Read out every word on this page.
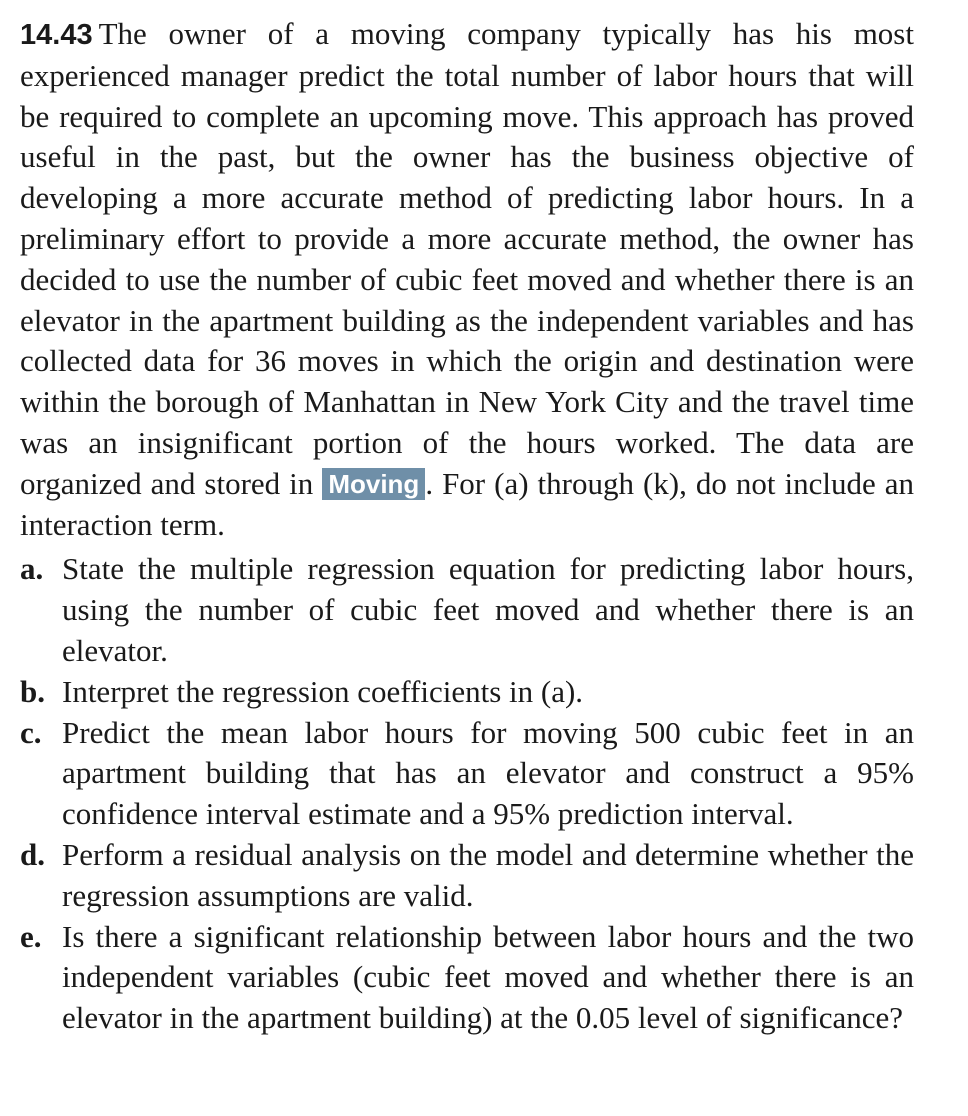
14.43 The owner of a moving company typically has his most experienced manager predict the total number of labor hours that will be required to complete an upcoming move. This approach has proved useful in the past, but the owner has the business objective of developing a more accurate method of predicting labor hours. In a preliminary effort to provide a more accurate method, the owner has decided to use the number of cubic feet moved and whether there is an elevator in the apartment building as the independent variables and has collected data for 36 moves in which the origin and destination were within the borough of Manhattan in New York City and the travel time was an insignificant portion of the hours worked. The data are organized and stored in Moving . For (a) through (k), do not include an interaction term.

a. State the multiple regression equation for predicting labor hours, using the number of cubic feet moved and whether there is an elevator.
b. Interpret the regression coefficients in (a).
c. Predict the mean labor hours for moving 500 cubic feet in an apartment building that has an elevator and construct a 95% confidence interval estimate and a 95% prediction interval.
d. Perform a residual analysis on the model and determine whether the regression assumptions are valid.
e. Is there a significant relationship between labor hours and the two independent variables (cubic feet moved and whether there is an elevator in the apartment building) at the 0.05 level of significance?
